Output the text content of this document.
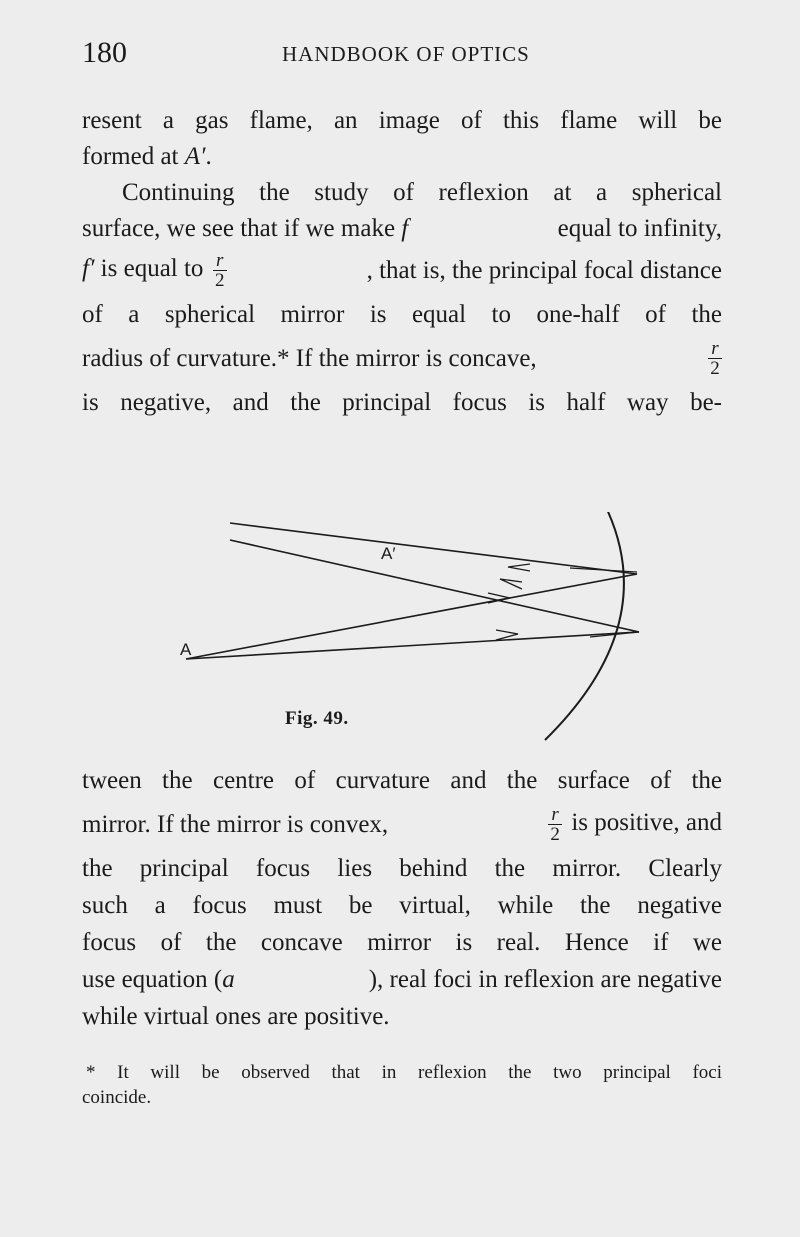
180	HANDBOOK OF OPTICS
resent a gas flame, an image of this flame will be
formed at A′.
Continuing the study of reflexion at a spherical
surface, we see that if we make f	equal to infinity,
f′ is equal to $\frac{r}{2}$	, that is, the principal focal distance
of a spherical mirror is equal to one-half of the
radius of curvature.* If the mirror is concave,	$\frac{r}{2}$
is negative, and the principal focus is half way be-
A
A′
Fig. 49.
tween the centre of curvature and the surface of the
mirror. If the mirror is convex,	$\frac{r}{2}$ is positive, and
the principal focus lies behind the mirror. Clearly
such a focus must be virtual, while the negative
focus of the concave mirror is real. Hence if we
use equation (a	), real foci in reflexion are negative
while virtual ones are positive.
* It will be observed that in reflexion the two principal foci
coincide.
